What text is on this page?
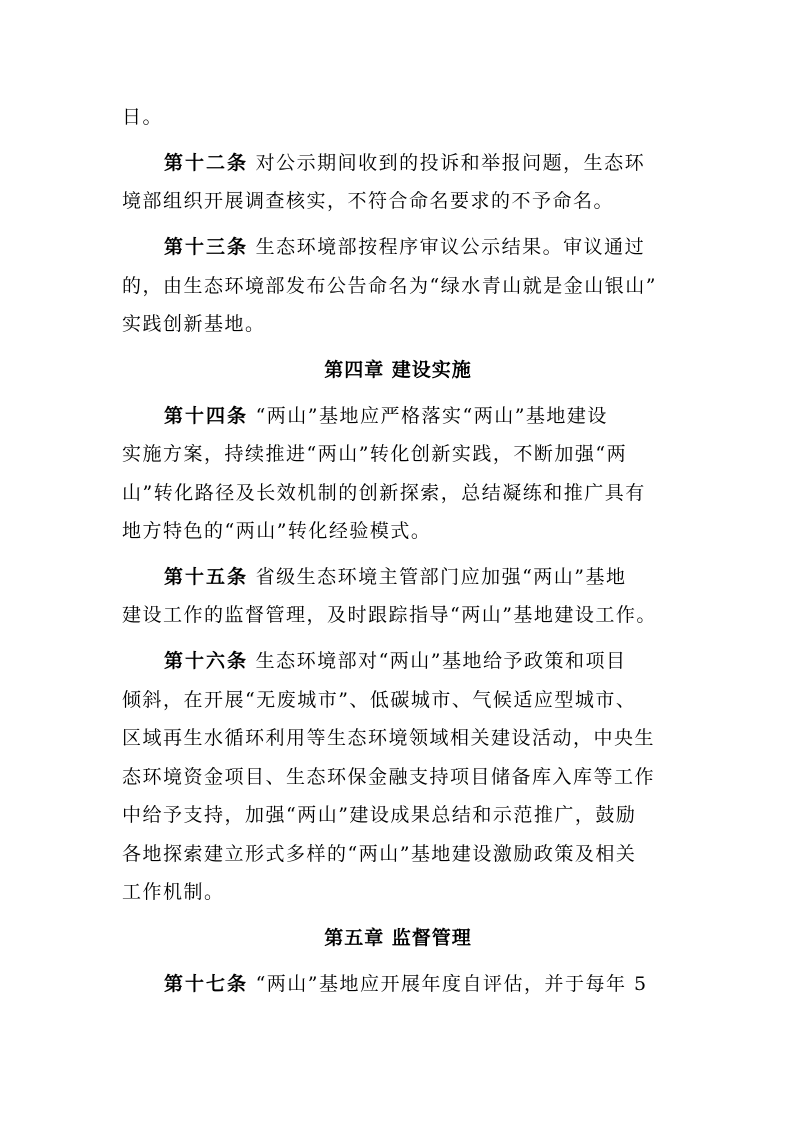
日。
第十二条 对公示期间收到的投诉和举报问题，生态环
境部组织开展调查核实，不符合命名要求的不予命名。
第十三条 生态环境部按程序审议公示结果。审议通过
的，由生态环境部发布公告命名为“绿水青山就是金山银山”
实践创新基地。
第四章 建设实施
第十四条 “两山”基地应严格落实“两山”基地建设
实施方案，持续推进“两山”转化创新实践，不断加强“两
山”转化路径及长效机制的创新探索，总结凝练和推广具有
地方特色的“两山”转化经验模式。
第十五条 省级生态环境主管部门应加强“两山”基地
建设工作的监督管理，及时跟踪指导“两山”基地建设工作。
第十六条 生态环境部对“两山”基地给予政策和项目
倾斜，在开展“无废城市”、低碳城市、气候适应型城市、
区域再生水循环利用等生态环境领域相关建设活动，中央生
态环境资金项目、生态环保金融支持项目储备库入库等工作
中给予支持，加强“两山”建设成果总结和示范推广，鼓励
各地探索建立形式多样的“两山”基地建设激励政策及相关
工作机制。
第五章 监督管理
第十七条 “两山”基地应开展年度自评估，并于每年 5
